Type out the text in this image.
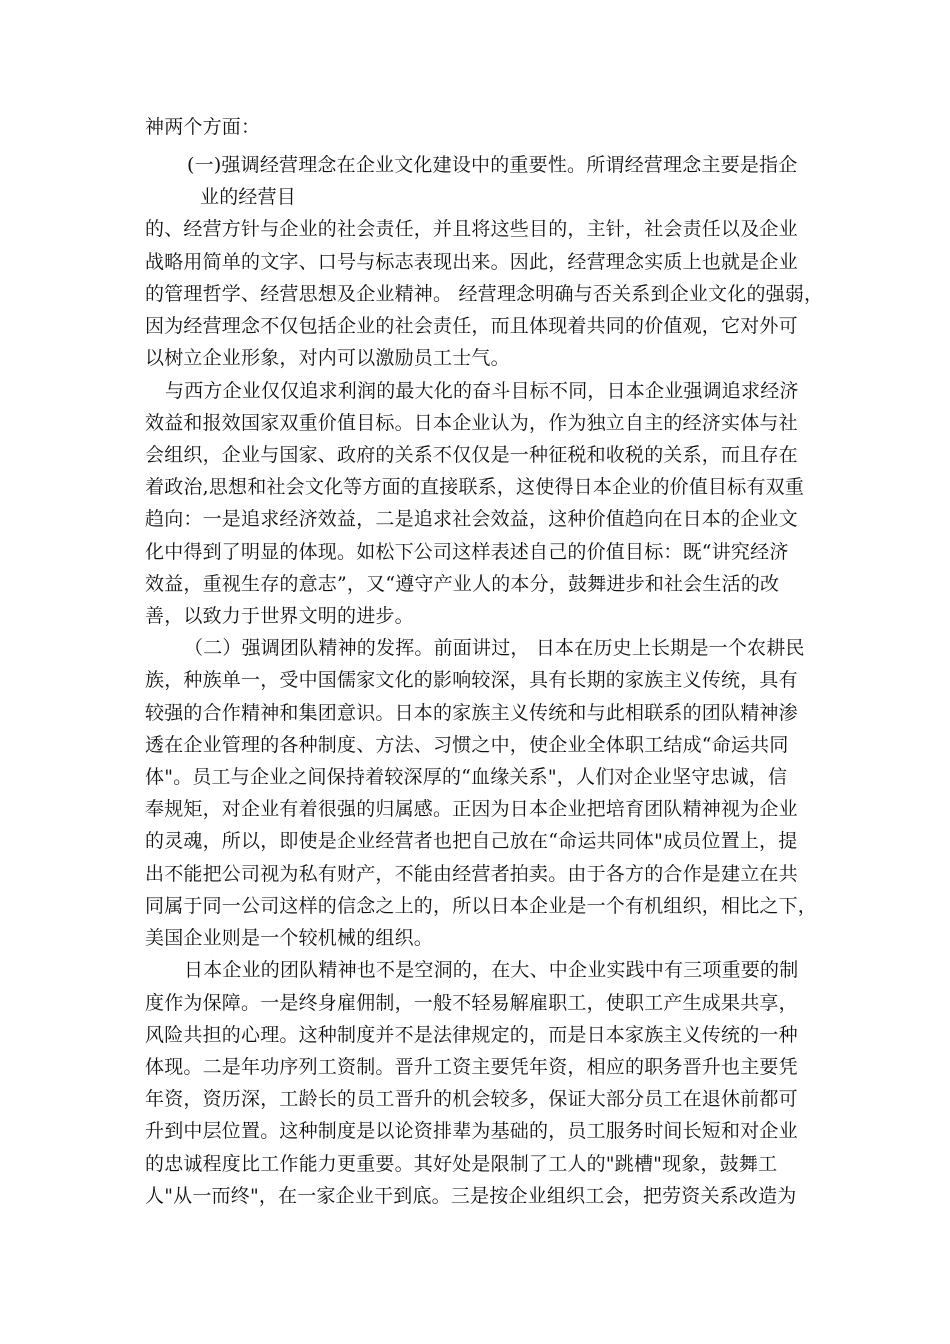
神两个方面：
(一)强调经营理念在企业文化建设中的重要性。所谓经营理念主要是指企
业的经营目
的、经营方针与企业的社会责任，并且将这些目的，主针，社会责任以及企业
战略用简单的文字、口号与标志表现出来。因此，经营理念实质上也就是企业
的管理哲学、经营思想及企业精神。 经营理念明确与否关系到企业文化的强弱，
因为经营理念不仅包括企业的社会责任，而且体现着共同的价值观，它对外可
以树立企业形象，对内可以激励员工士气。
与西方企业仅仅追求利润的最大化的奋斗目标不同，日本企业强调追求经济
效益和报效国家双重价值目标。日本企业认为，作为独立自主的经济实体与社
会组织，企业与国家、政府的关系不仅仅是一种征税和收税的关系，而且存在
着政治,思想和社会文化等方面的直接联系，这使得日本企业的价值目标有双重
趋向：一是追求经济效益，二是追求社会效益，这种价值趋向在日本的企业文
化中得到了明显的体现。如松下公司这样表述自己的价值目标：既“讲究经济
效益，重视生存的意志”，又“遵守产业人的本分，鼓舞进步和社会生活的改
善，以致力于世界文明的进步。
（二）强调团队精神的发挥。前面讲过， 日本在历史上长期是一个农耕民
族，种族单一，受中国儒家文化的影响较深，具有长期的家族主义传统，具有
较强的合作精神和集团意识。日本的家族主义传统和与此相联系的团队精神渗
透在企业管理的各种制度、方法、习惯之中，使企业全体职工结成“命运共同
体"。员工与企业之间保持着较深厚的“血缘关系"，人们对企业坚守忠诚，信
奉规矩，对企业有着很强的归属感。正因为日本企业把培育团队精神视为企业
的灵魂，所以，即使是企业经营者也把自己放在“命运共同体"成员位置上，提
出不能把公司视为私有财产，不能由经营者拍卖。由于各方的合作是建立在共
同属于同一公司这样的信念之上的，所以日本企业是一个有机组织，相比之下，
美国企业则是一个较机械的组织。
日本企业的团队精神也不是空洞的，在大、中企业实践中有三项重要的制
度作为保障。一是终身雇佣制，一般不轻易解雇职工，使职工产生成果共享，
风险共担的心理。这种制度并不是法律规定的，而是日本家族主义传统的一种
体现。二是年功序列工资制。晋升工资主要凭年资，相应的职务晋升也主要凭
年资，资历深，工龄长的员工晋升的机会较多，保证大部分员工在退休前都可
升到中层位置。这种制度是以论资排辈为基础的，员工服务时间长短和对企业
的忠诚程度比工作能力更重要。其好处是限制了工人的"跳槽"现象，鼓舞工
人"从一而终"，在一家企业干到底。三是按企业组织工会，把劳资关系改造为
